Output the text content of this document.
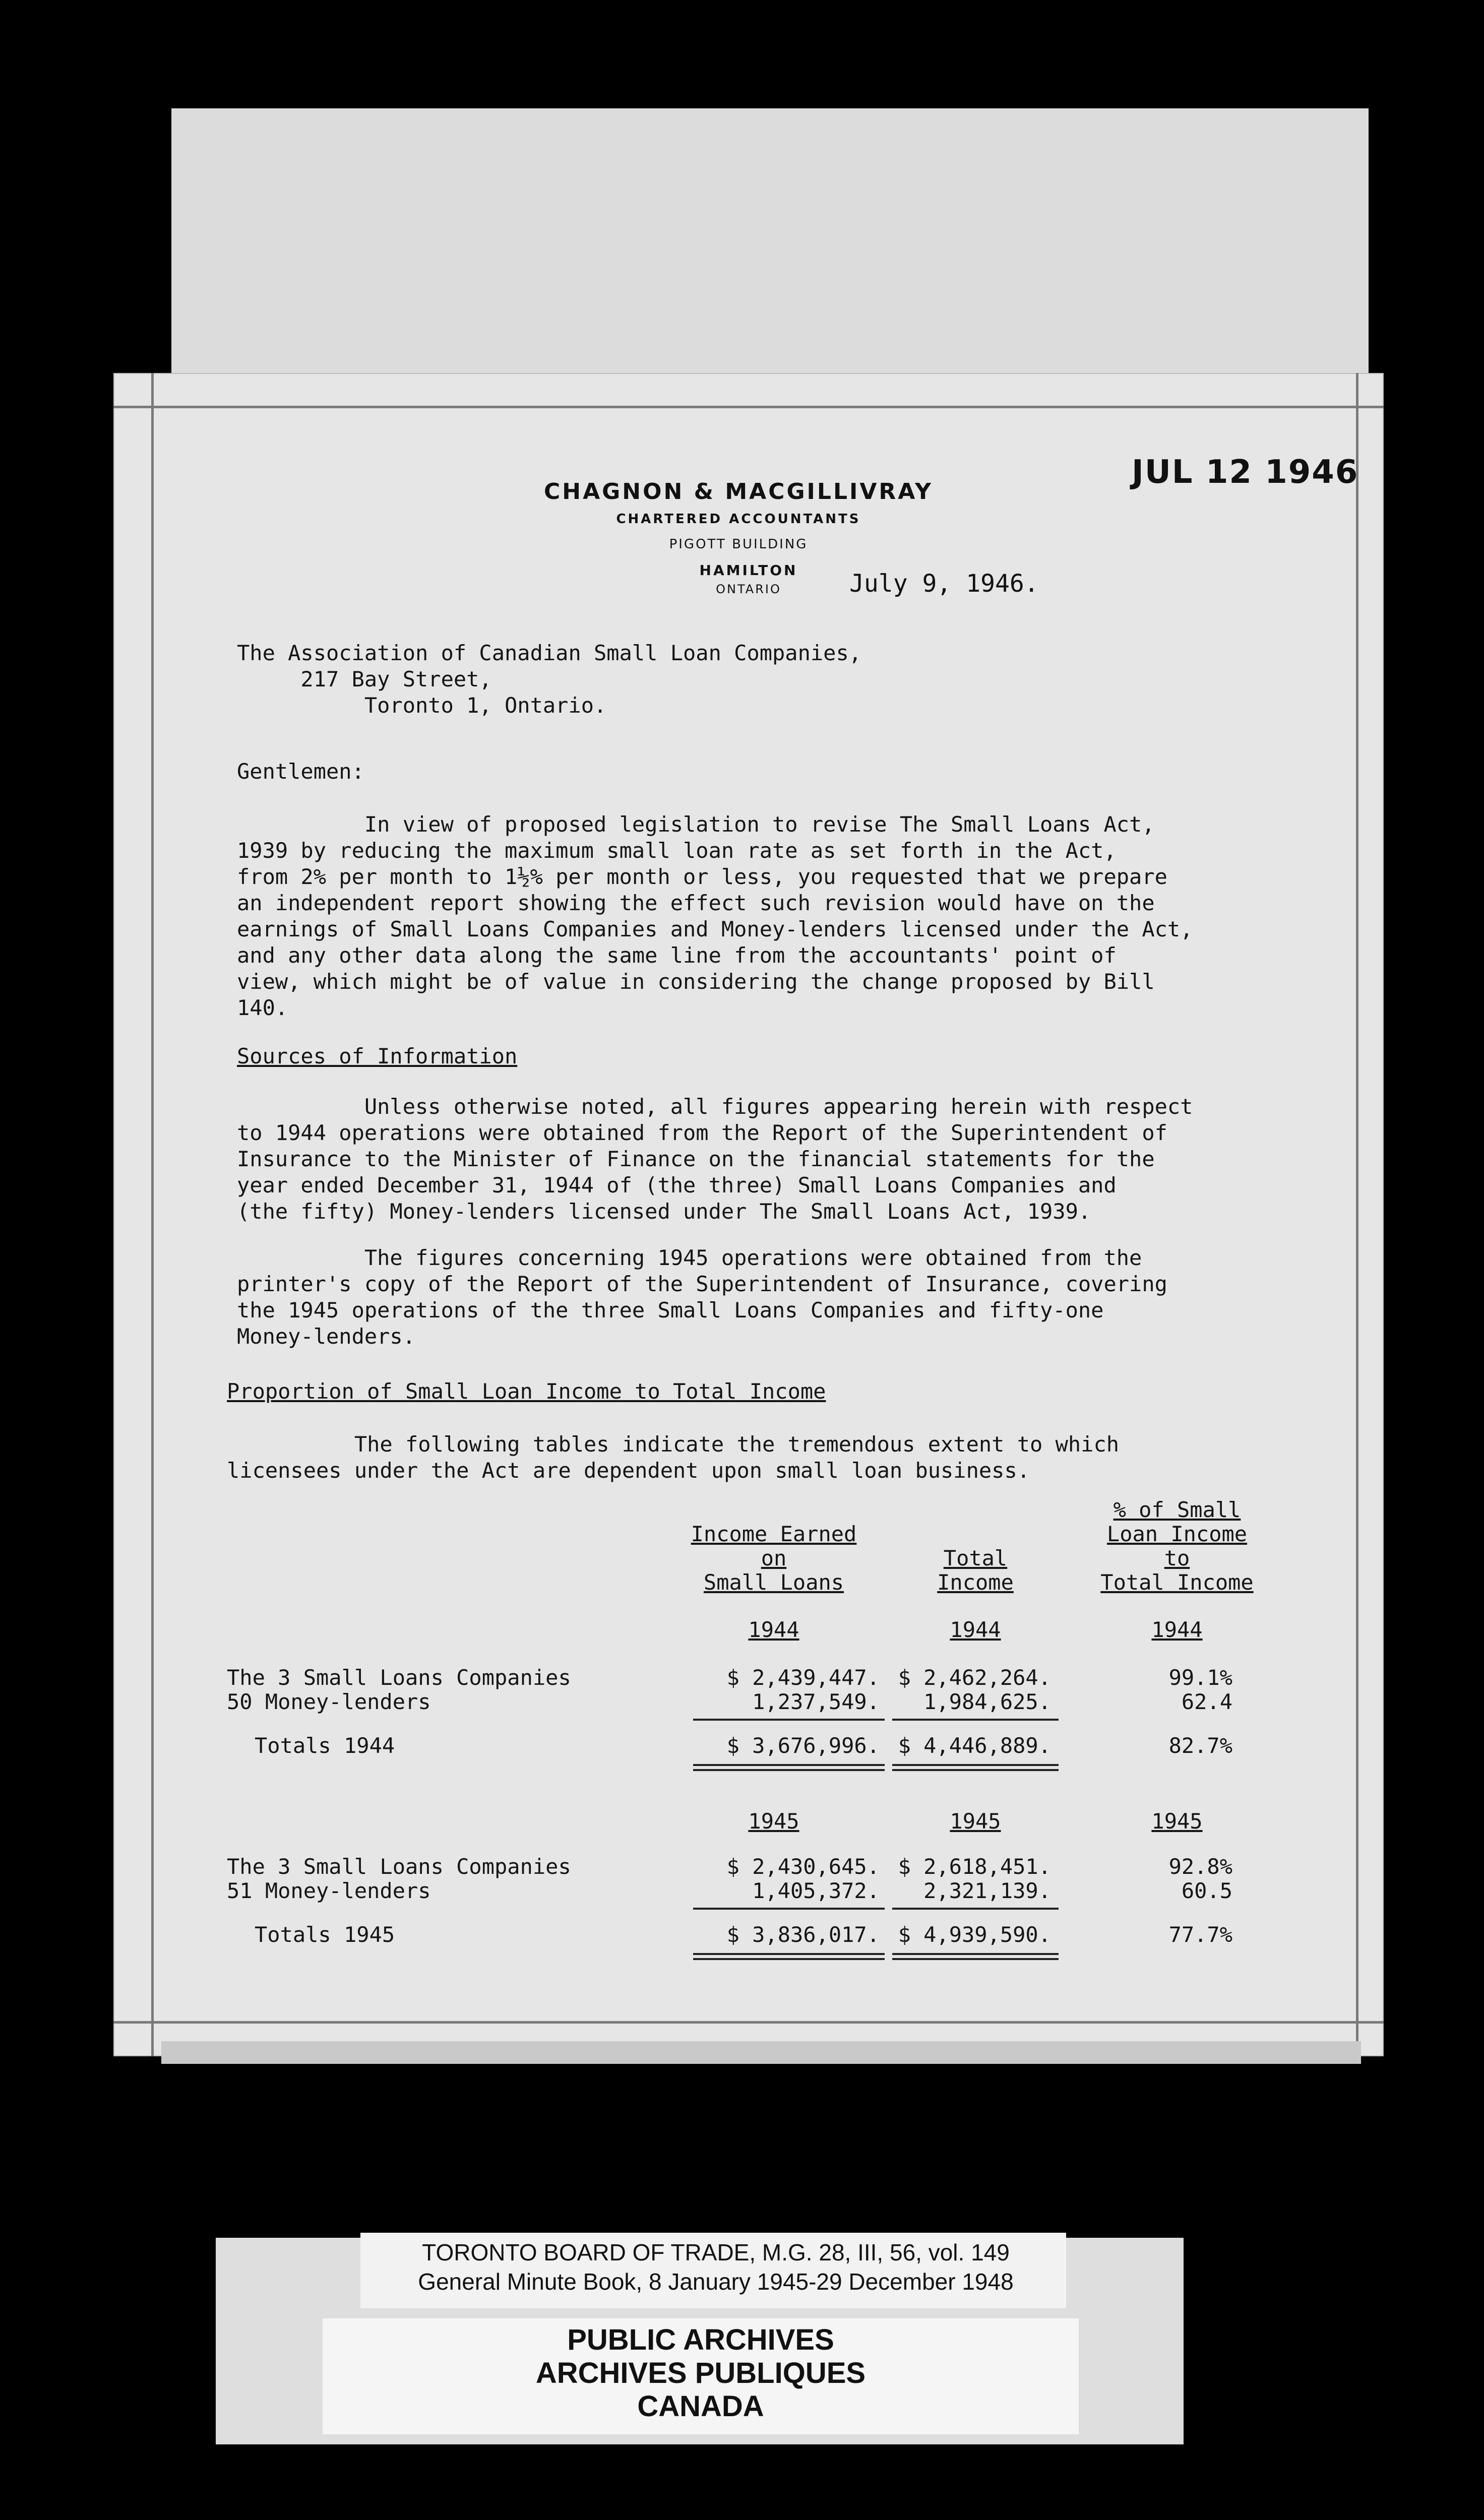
JUL 12 1946
CHAGNON & MACGILLIVRAY
CHARTERED ACCOUNTANTS
PIGOTT BUILDING
HAMILTON
ONTARIO	July 9, 1946.
The Association of Canadian Small Loan Companies,
217 Bay Street,
Toronto 1, Ontario.
Gentlemen:
In view of proposed legislation to revise The Small Loans Act,
1939 by reducing the maximum small loan rate as set forth in the Act,
from 2% per month to 1½% per month or less, you requested that we prepare
an independent report showing the effect such revision would have on the
earnings of Small Loans Companies and Money-lenders licensed under the Act,
and any other data along the same line from the accountants' point of
view, which might be of value in considering the change proposed by Bill
140.
Sources of Information
Unless otherwise noted, all figures appearing herein with respect
to 1944 operations were obtained from the Report of the Superintendent of
Insurance to the Minister of Finance on the financial statements for the
year ended December 31, 1944 of (the three) Small Loans Companies and
(the fifty) Money-lenders licensed under The Small Loans Act, 1939.
The figures concerning 1945 operations were obtained from the
printer's copy of the Report of the Superintendent of Insurance, covering
the 1945 operations of the three Small Loans Companies and fifty-one
Money-lenders.
Proportion of Small Loan Income to Total Income
The following tables indicate the tremendous extent to which
licensees under the Act are dependent upon small loan business.
Income Earned
on
Small Loans
Total
Income
% of Small
Loan Income
to
Total Income
1944	1944	1944
The 3 Small Loans Companies	$ 2,439,447. $ 2,462,264.	99.1%
50 Money-lenders	1,237,549.	1,984,625.	62.4
Totals 1944	$ 3,676,996. $ 4,446,889.	82.7%
1945	1945	1945
The 3 Small Loans Companies	$ 2,430,645. $ 2,618,451.	92.8%
51 Money-lenders	1,405,372.	2,321,139.	60.5
Totals 1945	$ 3,836,017. $ 4,939,590.	77.7%
TORONTO BOARD OF TRADE, M.G. 28, III, 56, vol. 149
General Minute Book, 8 January 1945-29 December 1948
PUBLIC ARCHIVES
ARCHIVES PUBLIQUES
CANADA
